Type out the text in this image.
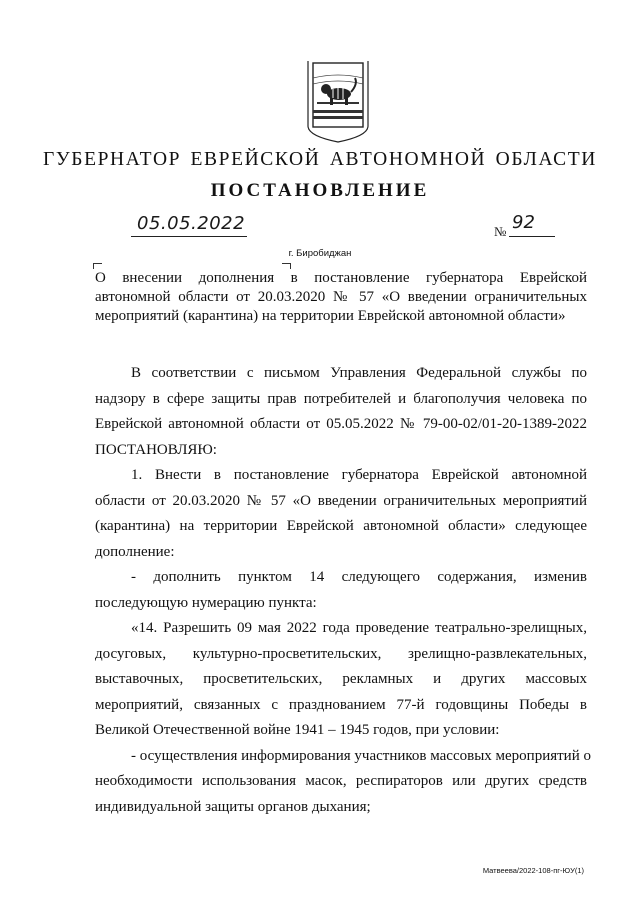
ГУБЕРНАТОР ЕВРЕЙСКОЙ АВТОНОМНОЙ ОБЛАСТИ
ПОСТАНОВЛЕНИЕ
05.05.2022	№ 92
г. Биробиджан
О внесении дополнения в постановление губернатора Еврейской
автономной области от 20.03.2020 № 57 «О введении ограничительных
мероприятий (карантина) на территории Еврейской автономной области»
В соответствии с письмом Управления Федеральной службы по
надзору в сфере защиты прав потребителей и благополучия человека по
Еврейской автономной области от 05.05.2022 № 79-00-02/01-20-1389-2022
ПОСТАНОВЛЯЮ:
1. Внести в постановление губернатора Еврейской автономной
области от 20.03.2020 № 57 «О введении ограничительных мероприятий
(карантина) на территории Еврейской автономной области» следующее
дополнение:
- дополнить пунктом 14 следующего содержания, изменив
последующую нумерацию пункта:
«14. Разрешить 09 мая 2022 года проведение театрально-зрелищных,
досуговых, культурно-просветительских, зрелищно-развлекательных,
выставочных, просветительских, рекламных и других массовых
мероприятий, связанных с празднованием 77-й годовщины Победы в
Великой Отечественной войне 1941 – 1945 годов, при условии:
- осуществления информирования участников массовых мероприятий о
необходимости использования масок, респираторов или других средств
индивидуальной защиты органов дыхания;
Матвеева/2022-108-пг-ЮУ(1)
